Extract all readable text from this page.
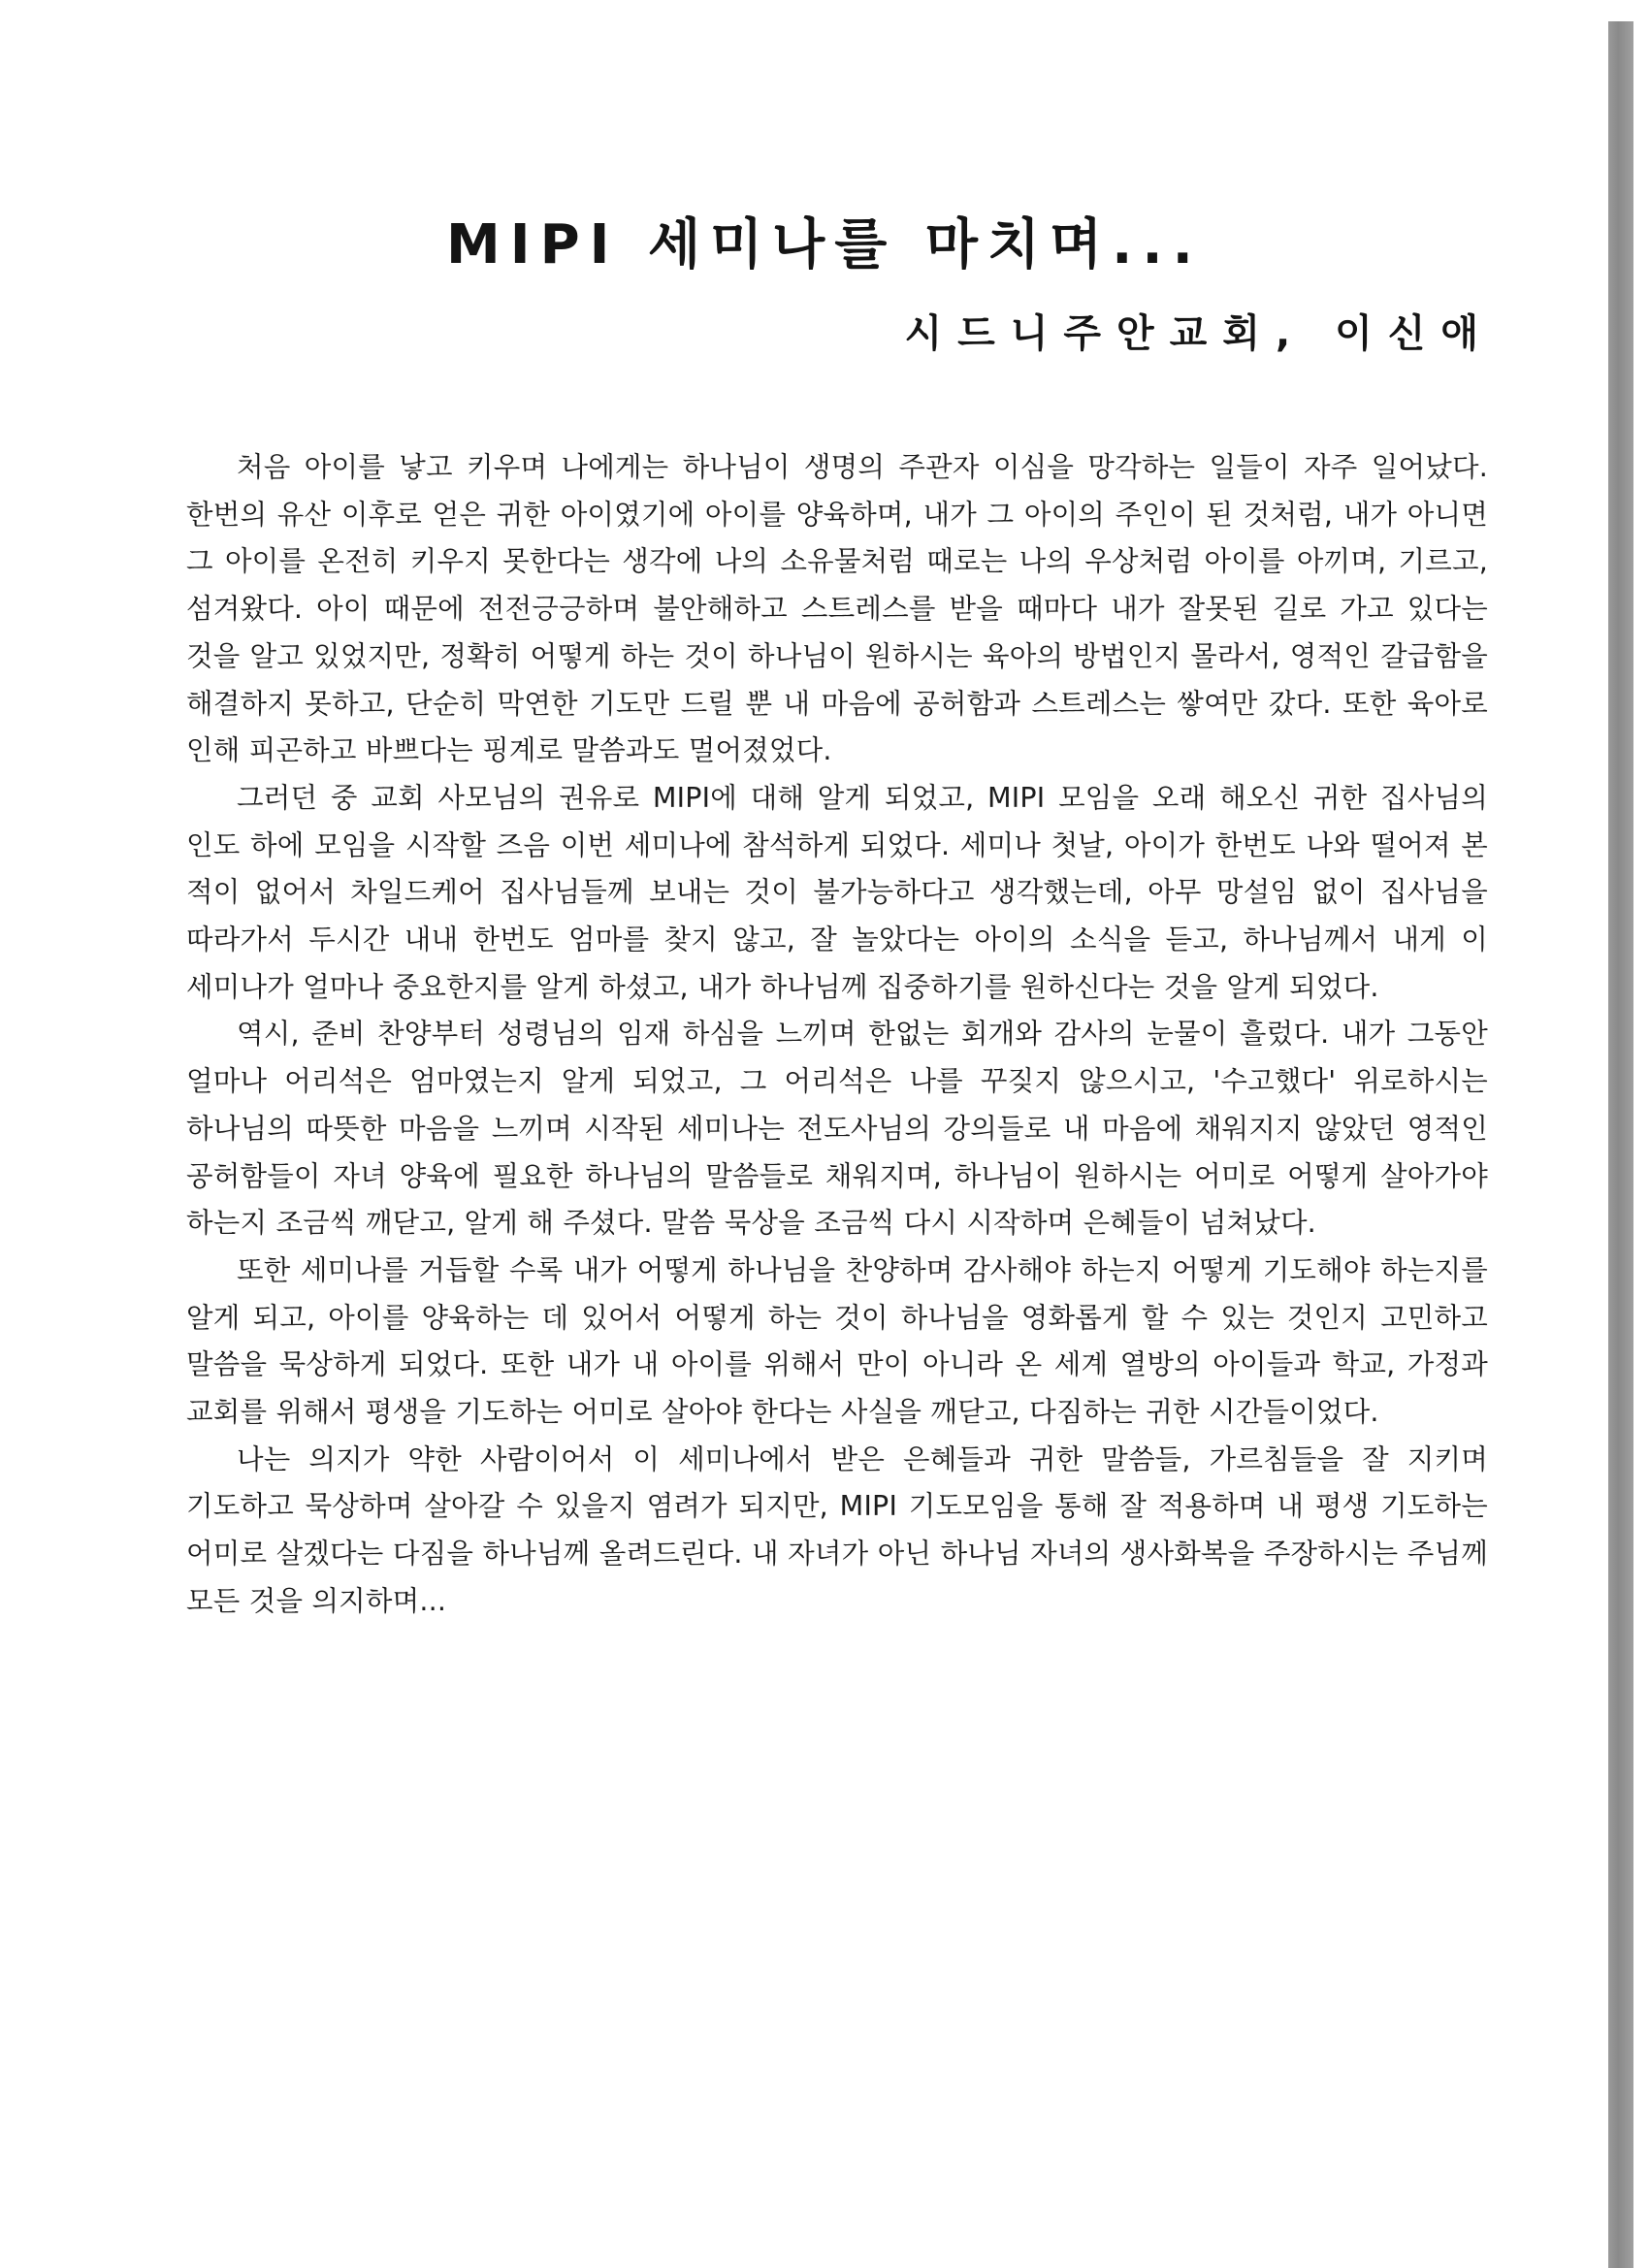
MIPI 세미나를 마치며...

시드니주안교회, 이신애

처음 아이를 낳고 키우며 나에게는 하나님이 생명의 주관자 이심을 망각하는 일들이 자주 일어났다. 한번의 유산 이후로 얻은 귀한 아이였기에 아이를 양육하며, 내가 그 아이의 주인이 된 것처럼, 내가 아니면 그 아이를 온전히 키우지 못한다는 생각에 나의 소유물처럼 때로는 나의 우상처럼 아이를 아끼며, 기르고, 섬겨왔다. 아이 때문에 전전긍긍하며 불안해하고 스트레스를 받을 때마다 내가 잘못된 길로 가고 있다는 것을 알고 있었지만, 정확히 어떻게 하는 것이 하나님이 원하시는 육아의 방법인지 몰라서, 영적인 갈급함을 해결하지 못하고, 단순히 막연한 기도만 드릴 뿐 내 마음에 공허함과 스트레스는 쌓여만 갔다. 또한 육아로 인해 피곤하고 바쁘다는 핑계로 말씀과도 멀어졌었다.

그러던 중 교회 사모님의 권유로 MIPI에 대해 알게 되었고, MIPI 모임을 오래 해오신 귀한 집사님의 인도 하에 모임을 시작할 즈음 이번 세미나에 참석하게 되었다. 세미나 첫날, 아이가 한번도 나와 떨어져 본 적이 없어서 차일드케어 집사님들께 보내는 것이 불가능하다고 생각했는데, 아무 망설임 없이 집사님을 따라가서 두시간 내내 한번도 엄마를 찾지 않고, 잘 놀았다는 아이의 소식을 듣고, 하나님께서 내게 이 세미나가 얼마나 중요한지를 알게 하셨고, 내가 하나님께 집중하기를 원하신다는 것을 알게 되었다.

역시, 준비 찬양부터 성령님의 임재 하심을 느끼며 한없는 회개와 감사의 눈물이 흘렀다. 내가 그동안 얼마나 어리석은 엄마였는지 알게 되었고, 그 어리석은 나를 꾸짖지 않으시고, '수고했다' 위로하시는 하나님의 따뜻한 마음을 느끼며 시작된 세미나는 전도사님의 강의들로 내 마음에 채워지지 않았던 영적인 공허함들이 자녀 양육에 필요한 하나님의 말씀들로 채워지며, 하나님이 원하시는 어미로 어떻게 살아가야 하는지 조금씩 깨닫고, 알게 해 주셨다. 말씀 묵상을 조금씩 다시 시작하며 은혜들이 넘쳐났다.

또한 세미나를 거듭할 수록 내가 어떻게 하나님을 찬양하며 감사해야 하는지 어떻게 기도해야 하는지를 알게 되고, 아이를 양육하는 데 있어서 어떻게 하는 것이 하나님을 영화롭게 할 수 있는 것인지 고민하고 말씀을 묵상하게 되었다. 또한 내가 내 아이를 위해서 만이 아니라 온 세계 열방의 아이들과 학교, 가정과 교회를 위해서 평생을 기도하는 어미로 살아야 한다는 사실을 깨닫고, 다짐하는 귀한 시간들이었다.

나는 의지가 약한 사람이어서 이 세미나에서 받은 은혜들과 귀한 말씀들, 가르침들을 잘 지키며 기도하고 묵상하며 살아갈 수 있을지 염려가 되지만, MIPI 기도모임을 통해 잘 적용하며 내 평생 기도하는 어미로 살겠다는 다짐을 하나님께 올려드린다. 내 자녀가 아닌 하나님 자녀의 생사화복을 주장하시는 주님께 모든 것을 의지하며...
